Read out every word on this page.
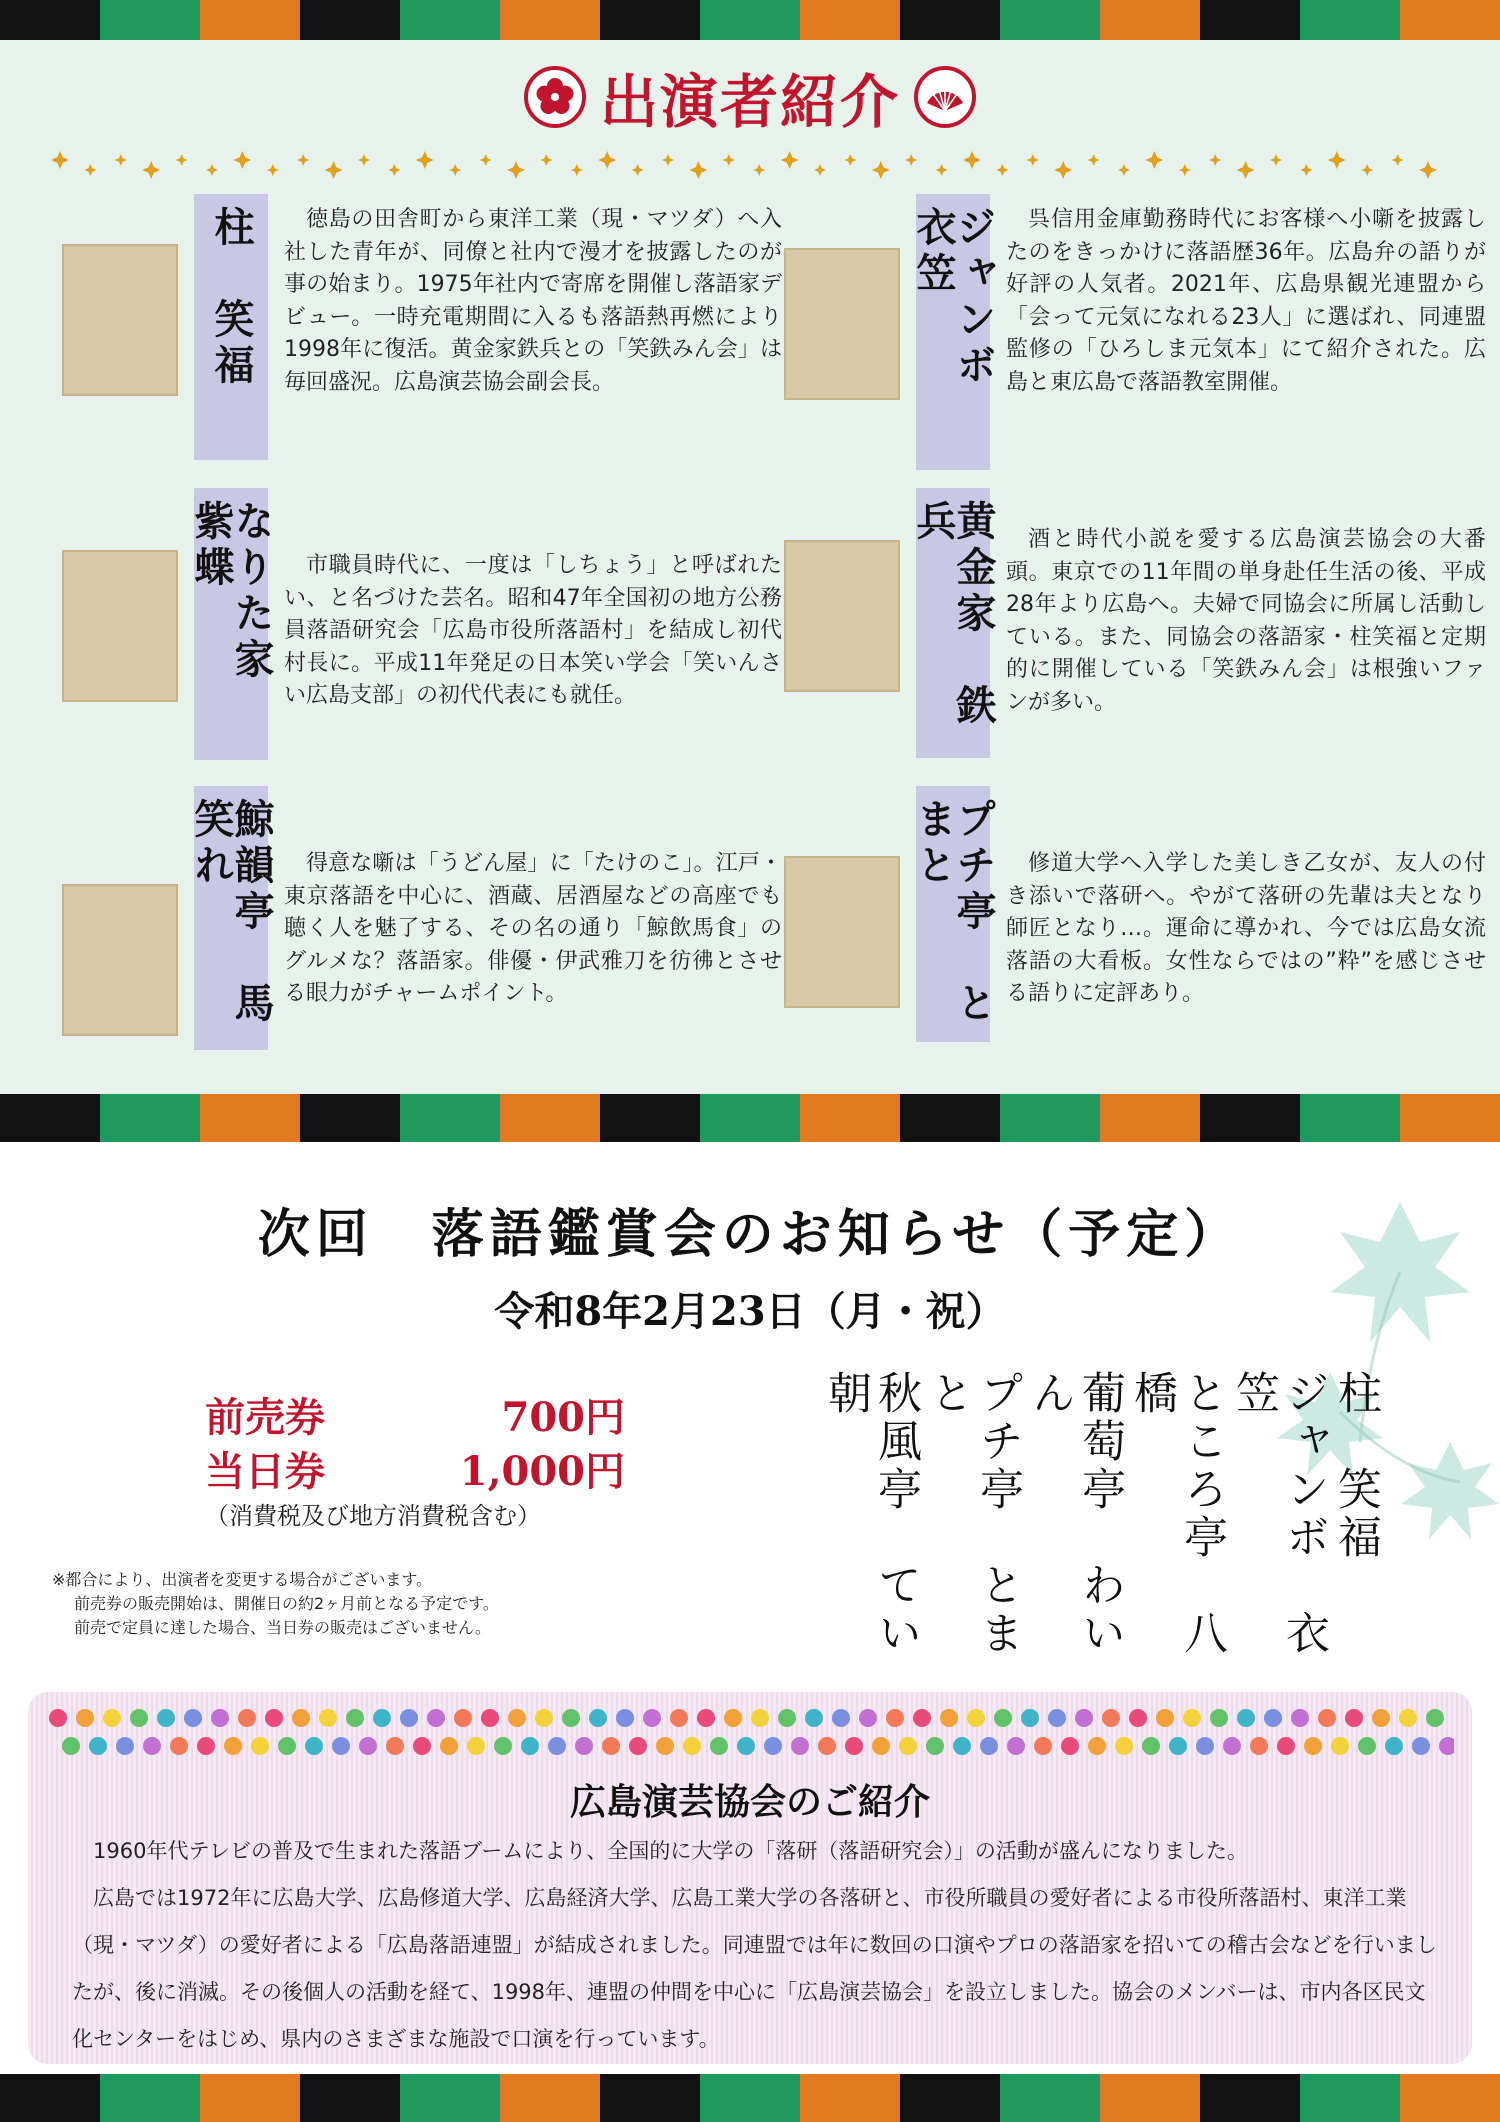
出演者紹介
柱　笑福	徳島の田舎町から東洋工業（現・マツダ）へ入社した青年が、同僚と社内で漫才を披露したのが事の始まり。1975年社内で寄席を開催し落語家デビュー。一時充電期間に入るも落語熱再燃により1998年に復活。黄金家鉄兵との「笑鉄みん会」は毎回盛況。広島演芸協会副会長。
なりた家　紫蝶	市職員時代に、一度は「しちょう」と呼ばれたい、と名づけた芸名。昭和47年全国初の地方公務員落語研究会「広島市役所落語村」を結成し初代村長に。平成11年発足の日本笑い学会「笑いんさい広島支部」の初代代表にも就任。
鯨韻亭　馬笑れ	得意な噺は「うどん屋」に「たけのこ」。江戸・東京落語を中心に、酒蔵、居酒屋などの高座でも聴く人を魅了する、その名の通り「鯨飲馬食」のグルメな？落語家。俳優・伊武雅刀を彷彿とさせる眼力がチャームポイント。
ジャンボ　衣笠	呉信用金庫勤務時代にお客様へ小噺を披露したのをきっかけに落語歴36年。広島弁の語りが好評の人気者。2021年、広島県観光連盟から「会って元気になれる23人」に選ばれ、同連盟監修の「ひろしま元気本」にて紹介された。広島と東広島で落語教室開催。
黄金家　鉄兵	酒と時代小説を愛する広島演芸協会の大番頭。東京での11年間の単身赴任生活の後、平成28年より広島へ。夫婦で同協会に所属し活動している。また、同協会の落語家・柱笑福と定期的に開催している「笑鉄みん会」は根強いファンが多い。
プチ亭　とまと	修道大学へ入学した美しき乙女が、友人の付き添いで落研へ。やがて落研の先輩は夫となり師匠となり…。運命に導かれ、今では広島女流落語の大看板。女性ならではの”粋”を感じさせる語りに定評あり。
次回　落語鑑賞会のお知らせ（予定）
令和8年2月23日（月・祝）
前売券	700円
当日券	1,000円
（消費税及び地方消費税含む）
※都合により、出演者を変更する場合がございます。
前売券の販売開始は、開催日の約2ヶ月前となる予定です。
前売で定員に達した場合、当日券の販売はございません。
柱　笑福
ジャンボ　衣笠
ところ亭　八橋
葡萄亭　わいん
プチ亭　とまと
秋風亭　てい朝
広島演芸協会のご紹介

1960年代テレビの普及で生まれた落語ブームにより、全国的に大学の「落研（落語研究会）」の活動が盛んになりました。

広島では1972年に広島大学、広島修道大学、広島経済大学、広島工業大学の各落研と、市役所職員の愛好者による市役所落語村、東洋工業（現・マツダ）の愛好者による「広島落語連盟」が結成されました。同連盟では年に数回の口演やプロの落語家を招いての稽古会などを行いましたが、後に消滅。その後個人の活動を経て、1998年、連盟の仲間を中心に「広島演芸協会」を設立しました。協会のメンバーは、市内各区民文化センターをはじめ、県内のさまざまな施設で口演を行っています。
